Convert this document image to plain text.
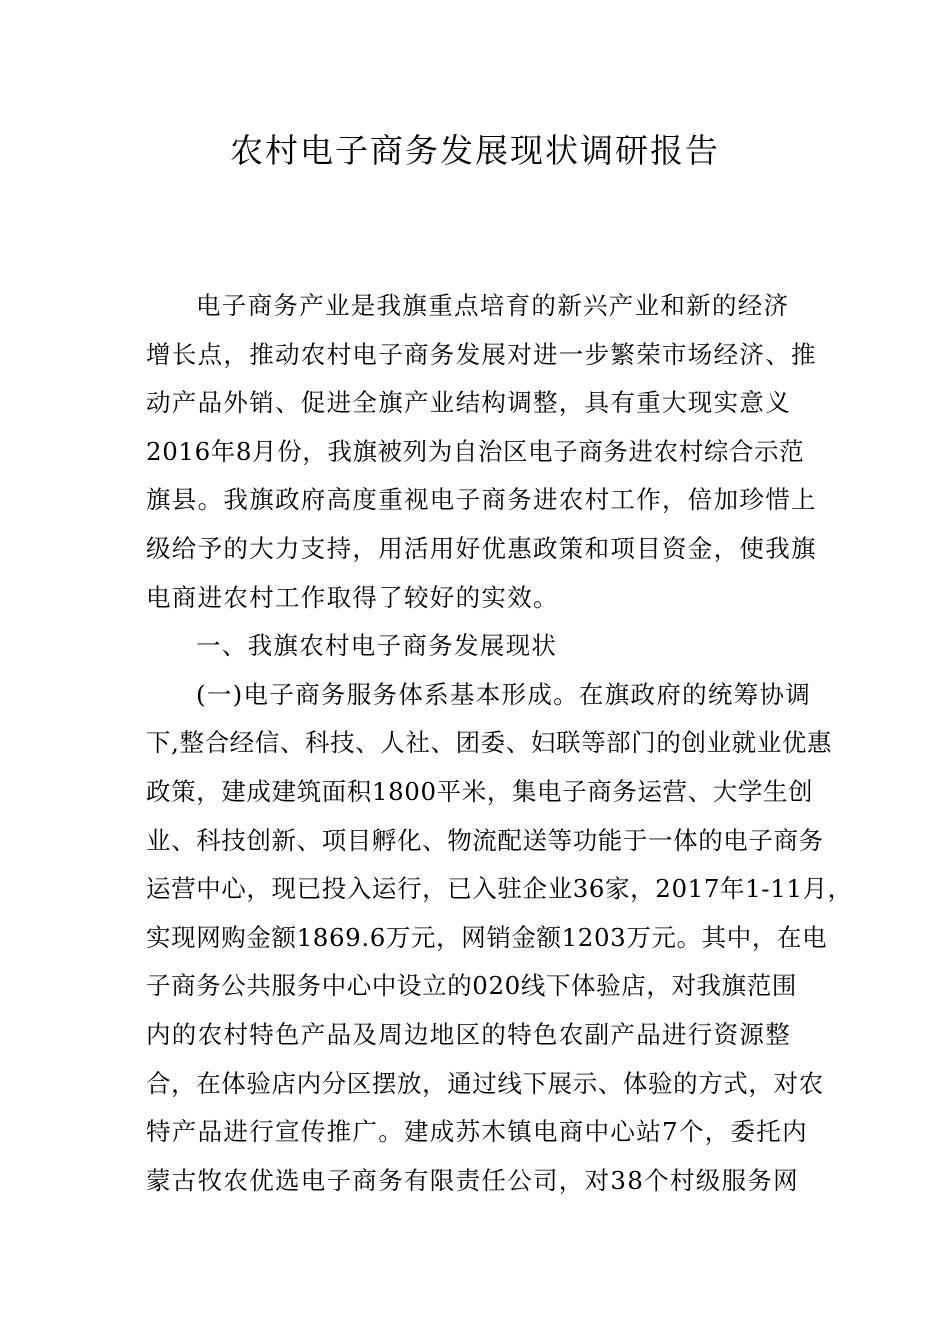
农村电子商务发展现状调研报告
电子商务产业是我旗重点培育的新兴产业和新的经济
增长点，推动农村电子商务发展对进一步繁荣市场经济、推
动产品外销、促进全旗产业结构调整，具有重大现实意义
2016年8月份，我旗被列为自治区电子商务进农村综合示范
旗县。我旗政府高度重视电子商务进农村工作，倍加珍惜上
级给予的大力支持，用活用好优惠政策和项目资金，使我旗
电商进农村工作取得了较好的实效。
一、我旗农村电子商务发展现状
(一)电子商务服务体系基本形成。在旗政府的统筹协调
下,整合经信、科技、人社、团委、妇联等部门的创业就业优惠
政策，建成建筑面积1800平米，集电子商务运营、大学生创
业、科技创新、项目孵化、物流配送等功能于一体的电子商务
运营中心，现已投入运行，已入驻企业36家，2017年1-11月，
实现网购金额1869.6万元，网销金额1203万元。其中，在电
子商务公共服务中心中设立的020线下体验店，对我旗范围
内的农村特色产品及周边地区的特色农副产品进行资源整
合，在体验店内分区摆放，通过线下展示、体验的方式，对农
特产品进行宣传推广。建成苏木镇电商中心站7个，委托内
蒙古牧农优选电子商务有限责任公司，对38个村级服务网
